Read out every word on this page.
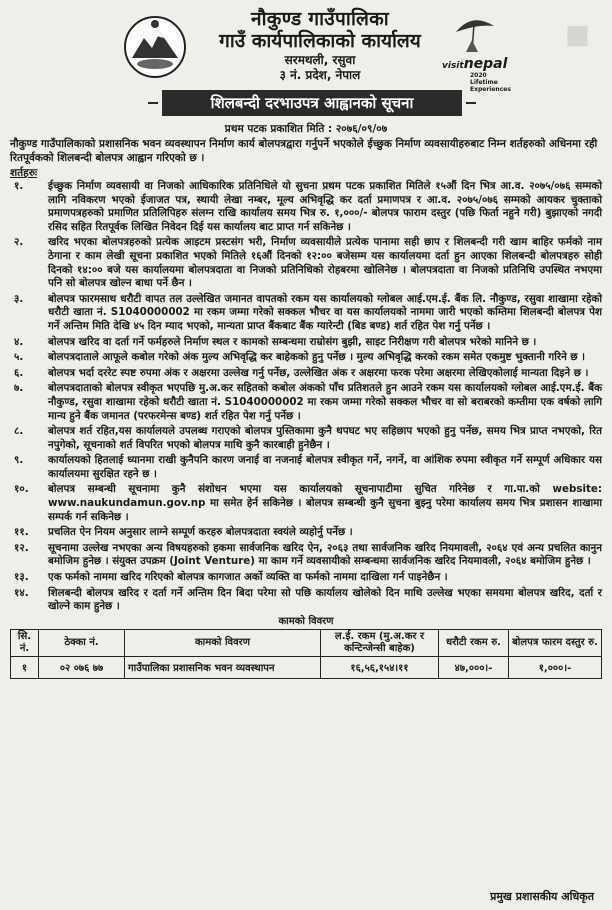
नौकुण्ड गाउँपालिका
गाउँ कार्यपालिकाको कार्यालय
सरमथली, रसुवा
३ नं. प्रदेश, नेपाल
visitnepal
2020 Lifetime Experiences
■
शिलबन्दी दरभाउपत्र आह्वानको सूचना
प्रथम पटक प्रकाशित मिति : २०७६/०९/०७
नौकुण्ड गाउँपालिकाको प्रशासनिक भवन व्यवस्थापन निर्माण कार्य बोलपत्रद्वारा गर्नुपर्ने भएकोले ईच्छुक निर्माण व्यवसायीहरुबाट निम्न शर्तहरुको अधिनमा रही रितपूर्वकको शिलबन्दी बोलपत्र आह्वान गरिएको छ ।
शर्तहरुः
१.	ईच्छुक निर्माण व्यवसायी वा निजको आधिकारिक प्रतिनिधिले यो सुचना प्रथम पटक प्रकाशित मितिले १५औं दिन भित्र आ.व. २०७५/०७६ सम्मको लागि नविकरण भएको ईजाजत पत्र, स्थायी लेखा नम्बर, मूल्य अभिवृद्धि कर दर्ता प्रमाणपत्र र आ.व. २०७५/०७६ सम्मको आयकर चुक्ताको प्रमाणपत्रहरुको प्रमाणित प्रतिलिपिहरु संलग्न राखि कार्यालय समय भित्र रु. १,०००/- बोलपत्र फाराम दस्तुर (पछि फिर्ता नहुने गरी) बुझाएको नगदी रसिद सहित रितपूर्वक लिखित निवेदन दिई यस कार्यालय बाट प्राप्त गर्न सकिनेछ ।
२.	खरिद भएका बोलपत्रहरुको प्रत्येक आइटम प्रस्टसंग भरी, निर्माण व्यवसायीले प्रत्येक पानामा सही छाप र शिलबन्दी गरी खाम बाहिर फर्मको नाम ठेगाना र काम लेखी सूचना प्रकाशित भएको मितिले १६औं दिनको १२:०० बजेसम्म यस कार्यालयमा दर्ता हुन आएका शिलबन्दी बोलपत्रहरु सोही दिनको १४:०० बजे यस कार्यालयमा बोलपत्रदाता वा निजको प्रतिनिधिको रोहबरमा खोलिनेछ । बोलपत्रदाता वा निजको प्रतिनिधि उपस्थित नभएमा पनि सो बोलपत्र खोल्न बाधा पर्ने छैन ।
३.	बोलपत्र फारमसाथ धरौटी वापत तल उल्लेखित जमानत वापतको रकम यस कार्यालयको ग्लोबल आई.एम.ई. बैंक लि. नौकुण्ड, रसुवा शाखामा रहेको धरौटी खाता नं. S1040000002 मा रकम जम्मा गरेको सक्कल भौचर वा यस कार्यालयको नाममा जारी भएको कम्तिमा शिलबन्दी बोलपत्र पेश गर्ने अन्तिम मिति देखि ४५ दिन म्याद भएको, मान्यता प्राप्त बैंकबाट बैंक ग्यारेन्टी (बिड बण्ड) शर्त रहित पेश गर्नु पर्नेछ ।
४.	बोलपत्र खरिद वा दर्ता गर्ने फर्महरुले निर्माण स्थल र कामको सम्बन्धमा राम्रोसंग बुझी, साइट निरीक्षण गरी बोलपत्र भरेको मानिने छ ।
५.	बोलपत्रदाताले आफूले कबोल गरेको अंक मुल्य अभिवृद्धि कर बाहेकको हुनु पर्नेछ । मुल्य अभिवृद्धि करको रकम समेत एकमुष्ट भुक्तानी गरिने छ ।
६.	बोलपत्र भर्दा दररेट स्पष्ट रुपमा अंक र अक्षरमा उल्लेख गर्नु पर्नेछ, उल्लेखित अंक र अक्षरमा फरक परेमा अक्षरमा लेखिएकोलाई मान्यता दिइने छ ।
७.	बोलपत्रदाताको बोलपत्र स्वीकृत भएपछि मु.अ.कर सहितको कबोल अंकको पाँच प्रतिशतले हुन आउने रकम यस कार्यालयको ग्लोबल आई.एम.ई. बैंक नौकुण्ड, रसुवा शाखामा रहेको धरौटी खाता नं. S1040000002 मा रकम जम्मा गरेको सक्कल भौचर वा सो बराबरको कम्तीमा एक वर्षको लागि मान्य हुने बैंक जमानत (परफरमेन्स बण्ड) शर्त रहित पेश गर्नु पर्नेछ ।
८.	बोलपत्र शर्त रहित,यस कार्यालयले उपलब्ध गराएको बोलपत्र पुस्तिकामा कुनै थपघट भए सहिछाप भएको हुनु पर्नेछ, समय भित्र प्राप्त नभएको, रित नपुगेको, सूचनाको शर्त विपरित भएको बोलपत्र माथि कुनै कारबाही हुनेछैन ।
९.	कार्यालयको हितलाई ध्यानमा राखी कुनैपनि कारण जनाई वा नजनाई बोलपत्र स्वीकृत गर्ने, नगर्ने, वा आंशिक रुपमा स्वीकृत गर्ने सम्पूर्ण अधिकार यस कार्यालयमा सुरक्षित रहने छ ।
१०.	बोलपत्र सम्बन्धी सूचनामा कुनै संशोधन भएमा यस कार्यालयको सूचनापाटीमा सुचित गरिनेछ र गा.पा.को website: www.naukundamun.gov.np मा समेत हेर्न सकिनेछ । बोलपत्र सम्बन्धी कुनै सुचना बुझ्नु परेमा कार्यालय समय भित्र प्रशासन शाखामा सम्पर्क गर्न सकिनेछ ।
११.	प्रचलित ऐन नियम अनुसार लाग्ने सम्पूर्ण करहरु बोलपत्रदाता स्वयंले व्यहोर्नु पर्नेछ ।
१२.	सूचनामा उल्लेख नभएका अन्य विषयहरुको हकमा सार्वजनिक खरिद ऐन, २०६३ तथा सार्वजनिक खरिद नियमावली, २०६४ एवं अन्य प्रचलित कानुन बमोजिम हुनेछ । संयुक्त उपक्रम (Joint Venture) मा काम गर्ने व्यवसायीको सम्बन्धमा सार्वजनिक खरिद नियमावली, २०६४ बमोजिम हुनेछ ।
१३.	एक फर्मको नाममा खरिद गरिएको बोलपत्र कागजात अर्को व्यक्ति वा फर्मको नाममा दाखिला गर्न पाइनेछैन ।
१४.	शिलबन्दी बोलपत्र खरिद र दर्ता गर्ने अन्तिम दिन बिदा परेमा सो पछि कार्यालय खोलेको दिन माथि उल्लेख भएका समयमा बोलपत्र खरिद, दर्ता र खोल्ने काम हुनेछ ।
कामको विवरण
सि. नं.	ठेक्का नं.	कामको विवरण	ल.ई. रकम (मु.अ.कर र कन्टिन्जेन्सी बाहेक)	धरौटी रकम रु.	बोलपत्र फारम दस्तुर रु.
१	०२ ०७६ ७७	गाउँपालिका प्रशासनिक भवन व्यवस्थापन	१६,५६,१५४।११	४७,०००।-	१,०००।-
प्रमुख प्रशासकीय अधिकृत
